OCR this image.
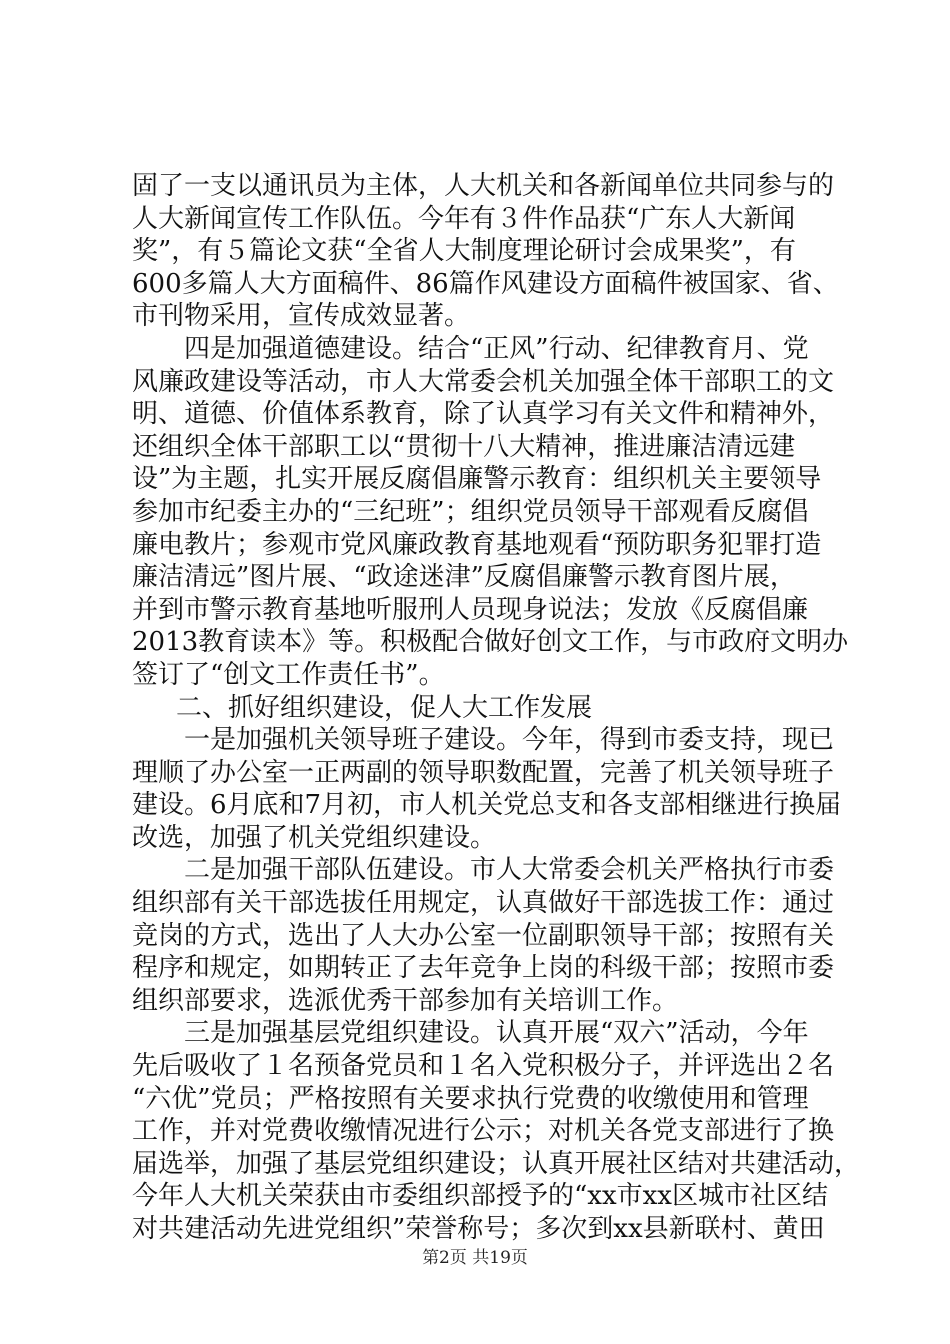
固了一支以通讯员为主体，人大机关和各新闻单位共同参与的
人大新闻宣传工作队伍。今年有３件作品获“广东人大新闻
奖”，有５篇论文获“全省人大制度理论研讨会成果奖”，有
600多篇人大方面稿件、86篇作风建设方面稿件被国家、省、
市刊物采用，宣传成效显著。

四是加强道德建设。结合“正风”行动、纪律教育月、党
风廉政建设等活动，市人大常委会机关加强全体干部职工的文
明、道德、价值体系教育，除了认真学习有关文件和精神外，
还组织全体干部职工以“贯彻十八大精神，推进廉洁清远建
设”为主题，扎实开展反腐倡廉警示教育：组织机关主要领导
参加市纪委主办的“三纪班”；组织党员领导干部观看反腐倡
廉电教片；参观市党风廉政教育基地观看“预防职务犯罪打造
廉洁清远”图片展、“政途迷津”反腐倡廉警示教育图片展，
并到市警示教育基地听服刑人员现身说法；发放《反腐倡廉
2013教育读本》等。积极配合做好创文工作，与市政府文明办
签订了“创文工作责任书”。

二、抓好组织建设，促人大工作发展

一是加强机关领导班子建设。今年，得到市委支持，现已
理顺了办公室一正两副的领导职数配置，完善了机关领导班子
建设。6月底和7月初，市人机关党总支和各支部相继进行换届
改选，加强了机关党组织建设。

二是加强干部队伍建设。市人大常委会机关严格执行市委
组织部有关干部选拔任用规定，认真做好干部选拔工作：通过
竞岗的方式，选出了人大办公室一位副职领导干部；按照有关
程序和规定，如期转正了去年竞争上岗的科级干部；按照市委
组织部要求，选派优秀干部参加有关培训工作。

三是加强基层党组织建设。认真开展“双六”活动，今年
先后吸收了１名预备党员和１名入党积极分子，并评选出２名
“六优”党员；严格按照有关要求执行党费的收缴使用和管理
工作，并对党费收缴情况进行公示；对机关各党支部进行了换
届选举，加强了基层党组织建设；认真开展社区结对共建活动，
今年人大机关荣获由市委组织部授予的“xx市xx区城市社区结
对共建活动先进党组织”荣誉称号；多次到xx县新联村、黄田

第2页 共19页
